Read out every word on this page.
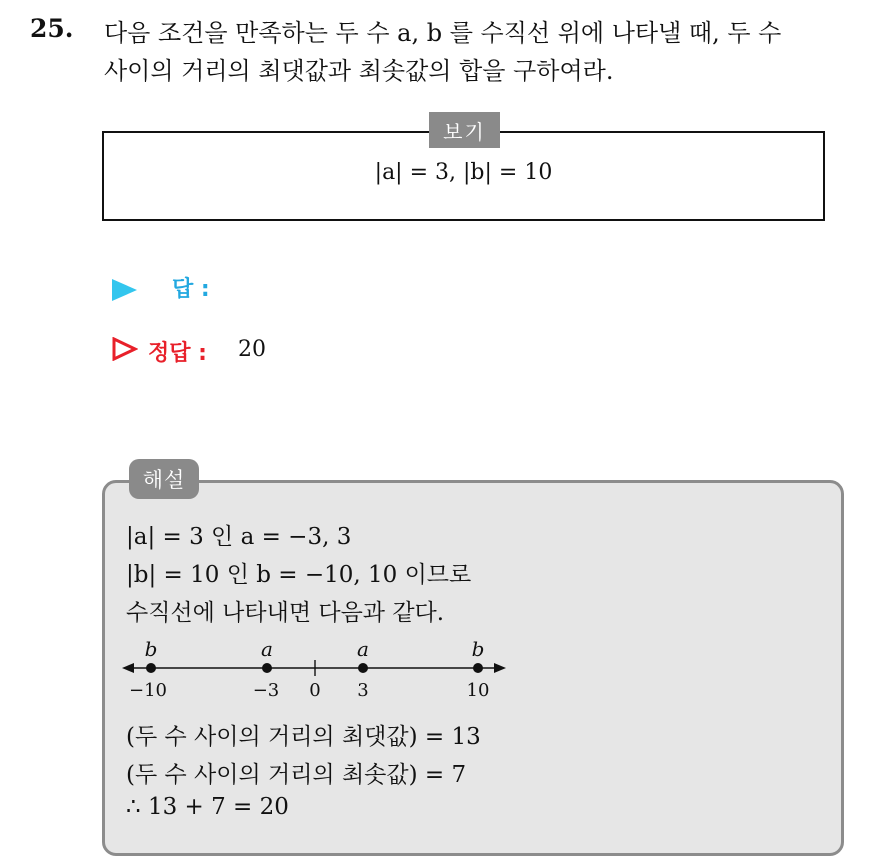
25. 다음 조건을 만족하는 두 수 a, b 를 수직선 위에 나타낼 때, 두 수
사이의 거리의 최댓값과 최솟값의 합을 구하여라.
보기
|a| = 3, |b| = 10
답 :
정답 : 20
해설
|a| = 3 인 a = −3, 3
|b| = 10 인 b = −10, 10 이므로
수직선에 나타내면 다음과 같다.
b	a	a	b
−10	−3 0 3	10
(두 수 사이의 거리의 최댓값) = 13
(두 수 사이의 거리의 최솟값) = 7
∴ 13 + 7 = 20
